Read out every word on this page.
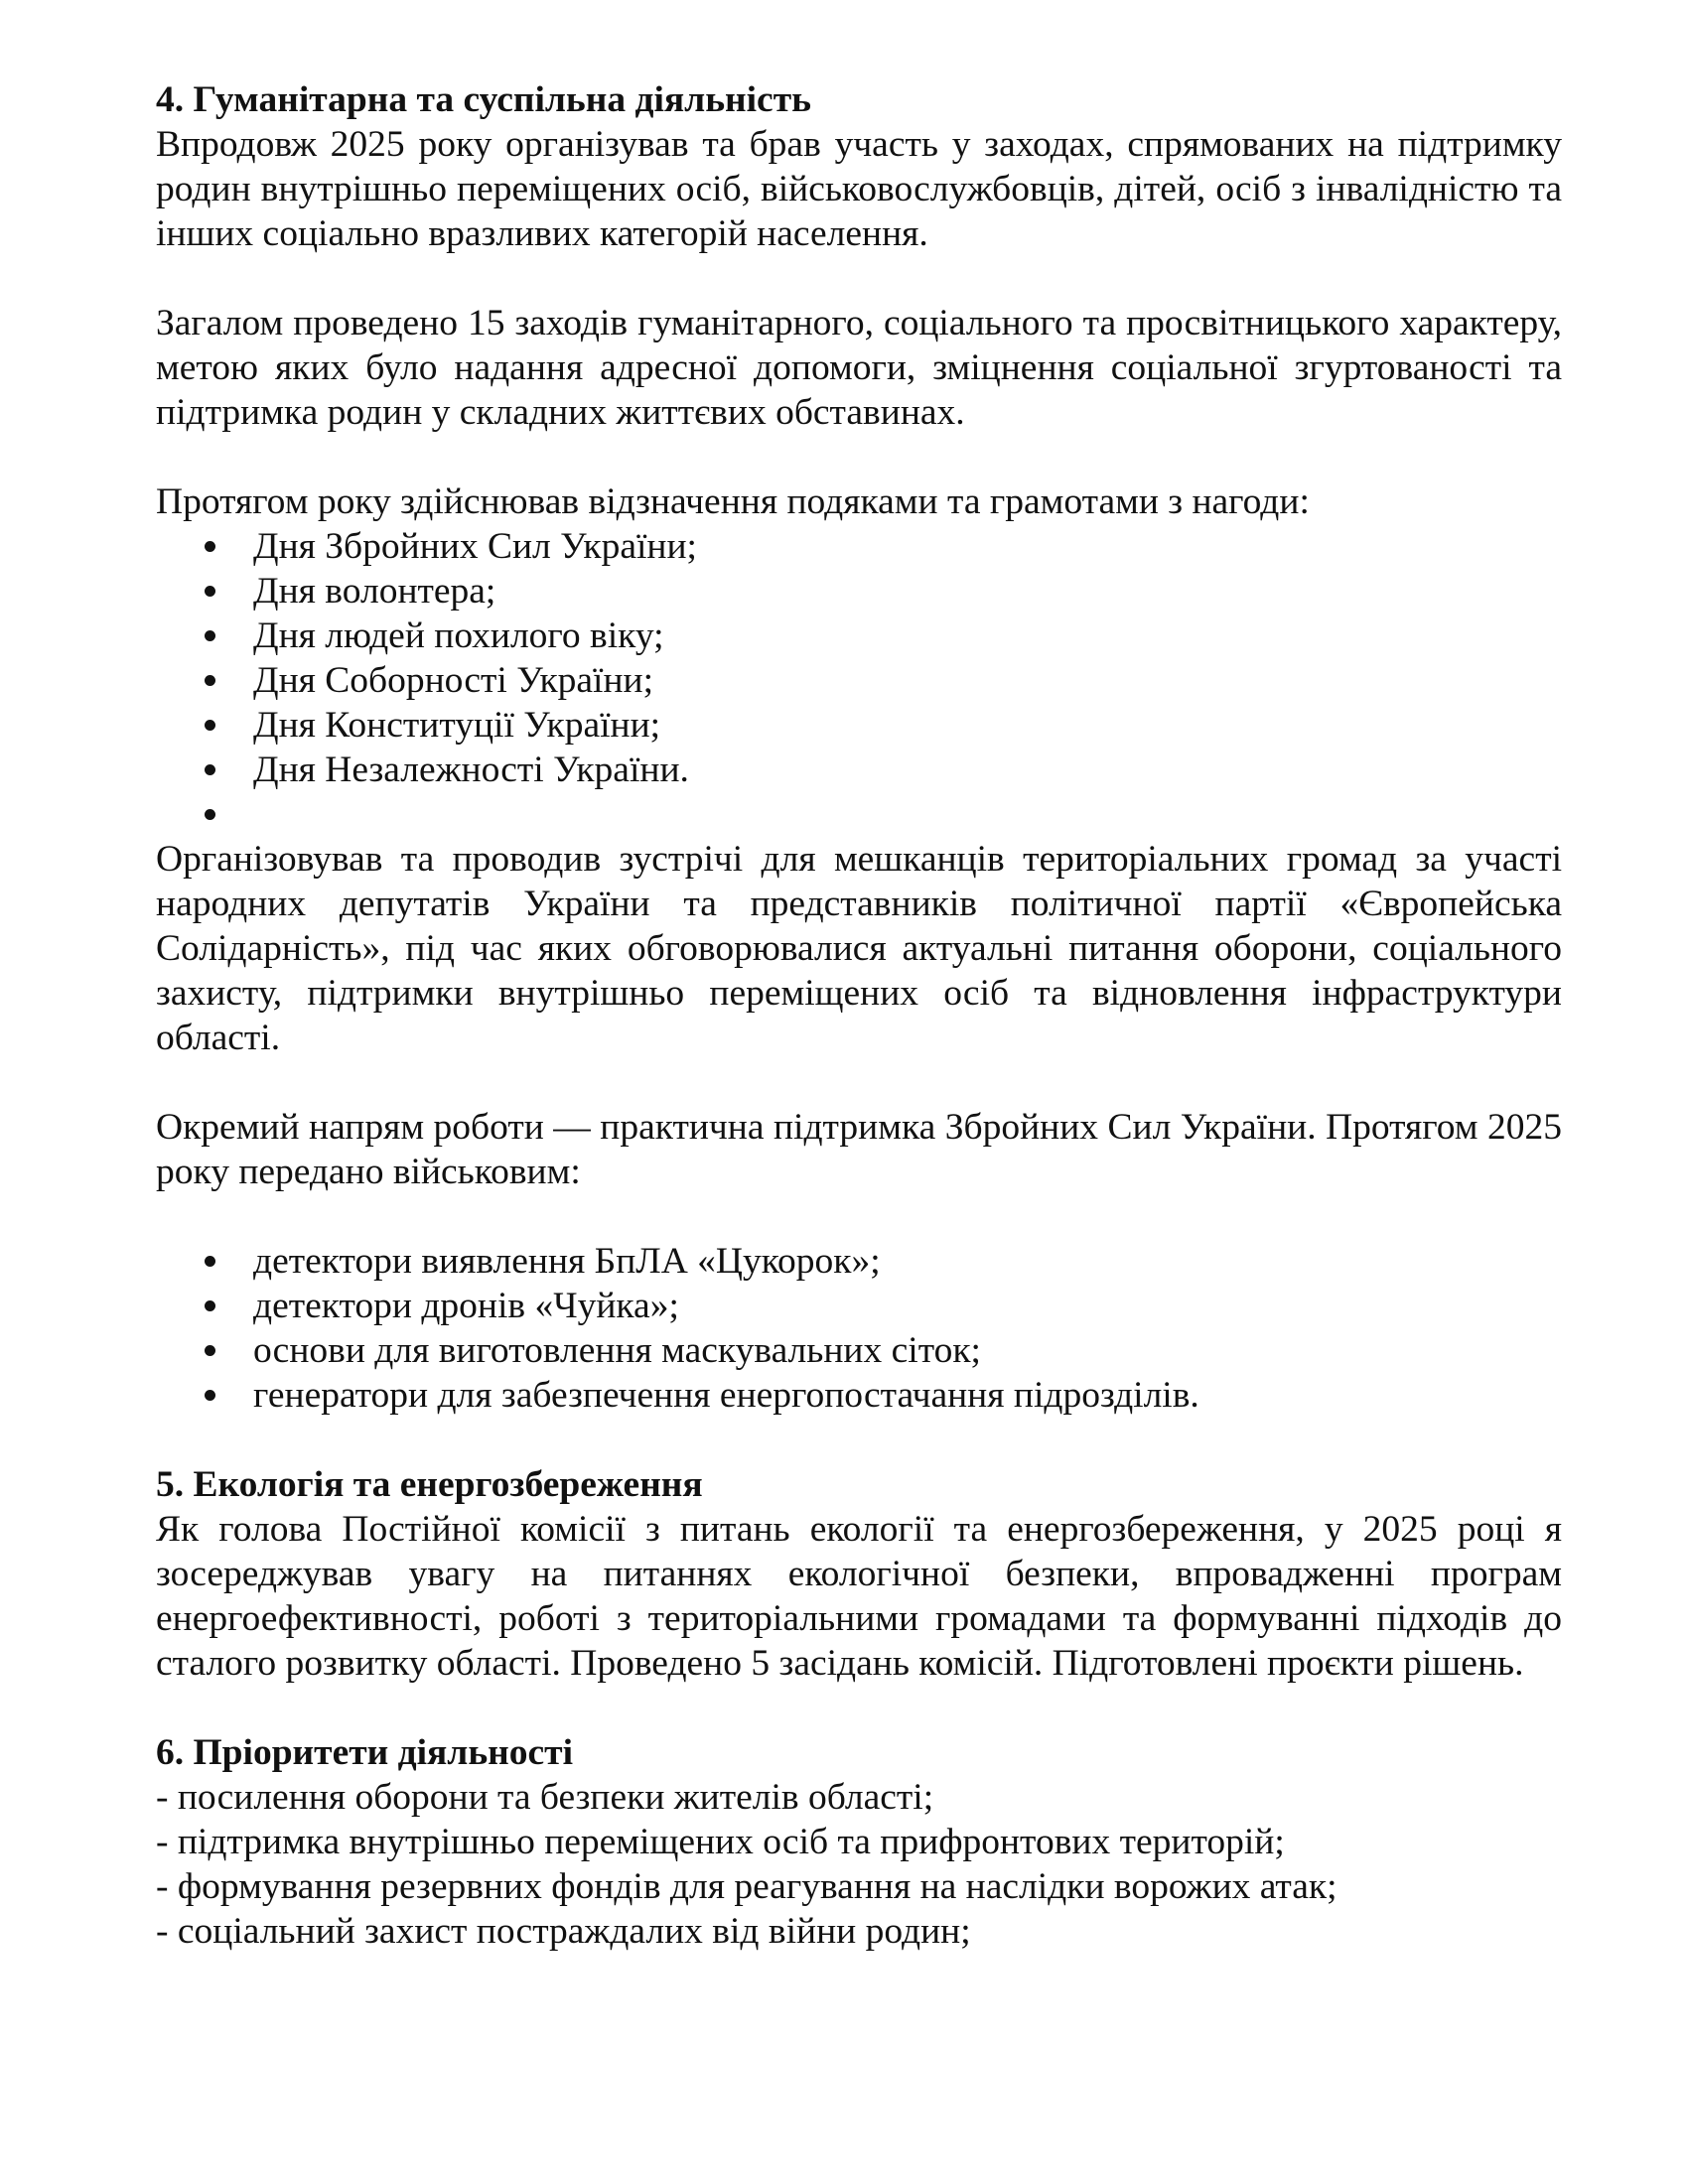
4. Гуманітарна та суспільна діяльність

Впродовж 2025 року організував та брав участь у заходах, спрямованих на підтримку родин внутрішньо переміщених осіб, військовослужбовців, дітей, осіб з інвалідністю та інших соціально вразливих категорій населення.

Загалом проведено 15 заходів гуманітарного, соціального та просвітницького характеру, метою яких було надання адресної допомоги, зміцнення соціальної згуртованості та підтримка родин у складних життєвих обставинах.

Протягом року здійснював відзначення подяками та грамотами з нагоди:

Дня Збройних Сил України;
Дня волонтера;
Дня людей похилого віку;
Дня Соборності України;
Дня Конституції України;
Дня Незалежності України.

Організовував та проводив зустрічі для мешканців територіальних громад за участі народних депутатів України та представників політичної партії «Європейська Солідарність», під час яких обговорювалися актуальні питання оборони, соціального захисту, підтримки внутрішньо переміщених осіб та відновлення інфраструктури області.

Окремий напрям роботи — практична підтримка Збройних Сил України. Протягом 2025 року передано військовим:

детектори виявлення БпЛА «Цукорок»;
детектори дронів «Чуйка»;
основи для виготовлення маскувальних сіток;
генератори для забезпечення енергопостачання підрозділів.

5. Екологія та енергозбереження

Як голова Постійної комісії з питань екології та енергозбереження, у 2025 році я зосереджував увагу на питаннях екологічної безпеки, впровадженні програм енергоефективності, роботі з територіальними громадами та формуванні підходів до сталого розвитку області. Проведено 5 засідань комісій. Підготовлені проєкти рішень.

6. Пріоритети діяльності

- посилення оборони та безпеки жителів області;

- підтримка внутрішньо переміщених осіб та прифронтових територій;

- формування резервних фондів для реагування на наслідки ворожих атак;

- соціальний захист постраждалих від війни родин;
